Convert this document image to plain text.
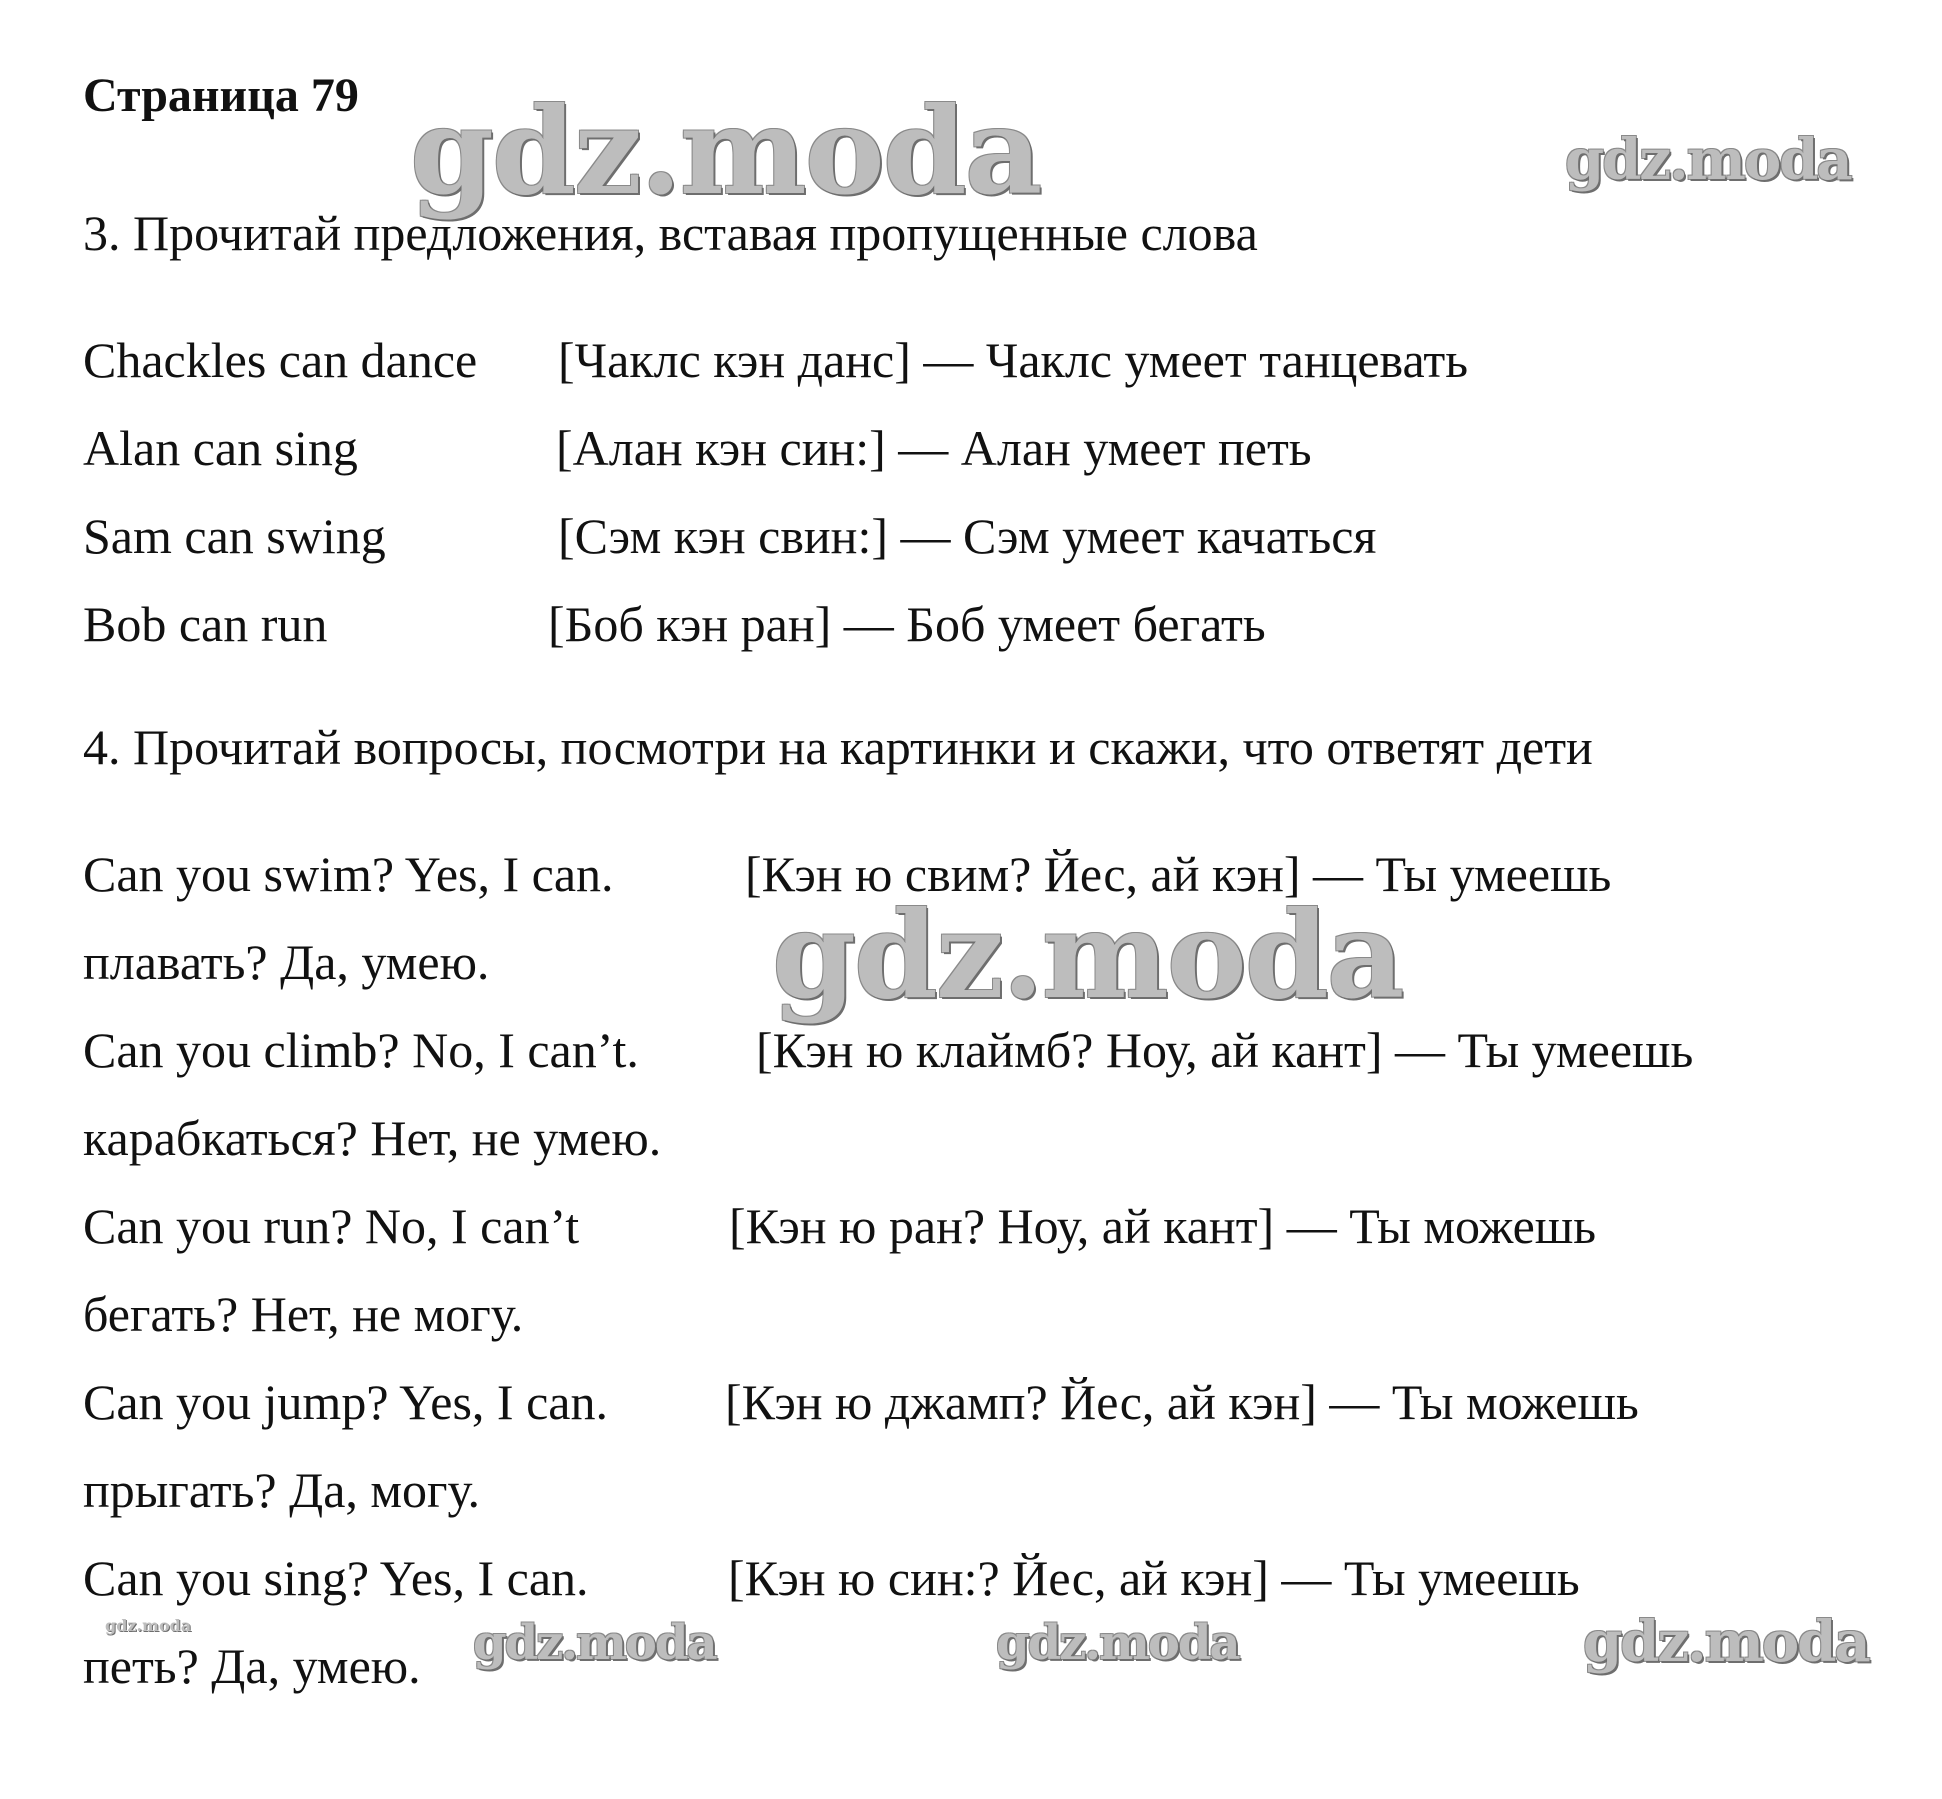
gdz.moda	gdz.moda
gdz.moda
gdz.moda	gdz.moda	gdz.moda	gdz.moda
Страница 79
3. Прочитай предложения, вставая пропущенные слова
Chackles can dance [Чаклс кэн данс] — Чаклс умеет танцевать
Alan can sing	[Алан кэн син:] — Алан умеет петь
Sam can swing	[Сэм кэн свин:] — Сэм умеет качаться
Bob can run	[Боб кэн ран] — Боб умеет бегать
4. Прочитай вопросы, посмотри на картинки и скажи, что ответят дети
Can you swim? Yes, I can.	[Кэн ю свим? Йес, ай кэн] — Ты умеешь
плавать? Да, умею.
Can you climb? No, I can’t. [Кэн ю клаймб? Ноу, ай кант] — Ты умеешь
карабкаться? Нет, не умею.
Can you run? No, I can’t	[Кэн ю ран? Ноу, ай кант] — Ты можешь
бегать? Нет, не могу.
Can you jump? Yes, I can. [Кэн ю джамп? Йес, ай кэн] — Ты можешь
прыгать? Да, могу.
Can you sing? Yes, I can.	[Кэн ю син:? Йес, ай кэн] — Ты умеешь
петь? Да, умею.
